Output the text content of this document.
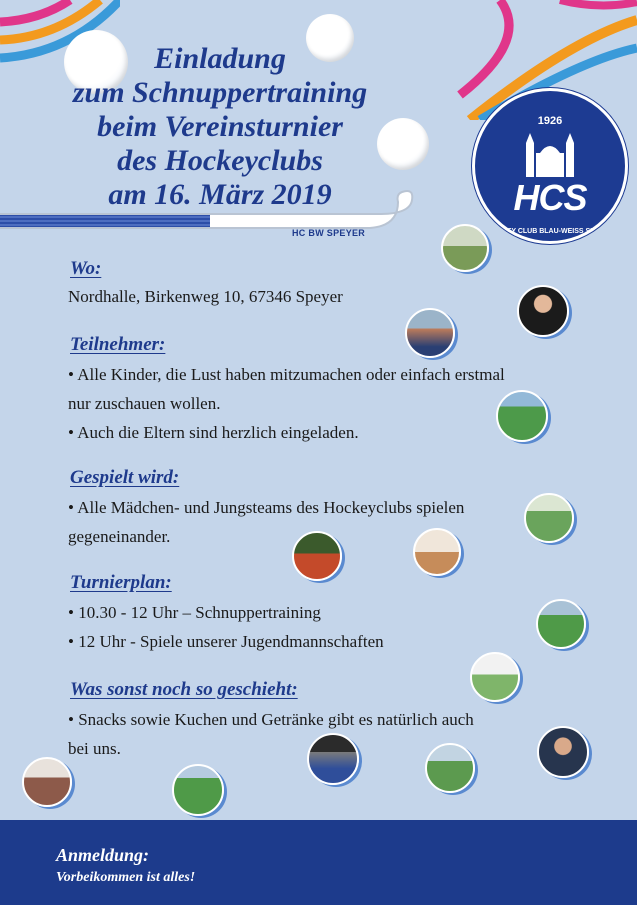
Einladung
zum Schnuppertraining
beim Vereinsturnier
des Hockeyclubs
am 16. März 2019
HC BW SPEYER
1926
HCS
HOCKEY CLUB BLAU-WEISS SPEYER
Wo:

Nordhalle, Birkenweg 10, 67346 Speyer

Teilnehmer:

• Alle Kinder, die Lust haben mitzumachen oder einfach erstmal nur zuschauen wollen.

• Auch die Eltern sind herzlich eingeladen.

Gespielt wird:

• Alle Mädchen- und Jungsteams des Hockeyclubs spielen gegeneinander.

Turnierplan:

• 10.30 - 12 Uhr – Schnuppertraining

• 12 Uhr - Spiele unserer Jugendmannschaften

Was sonst noch so geschieht:

• Snacks sowie Kuchen und Getränke gibt es natürlich auch bei uns.

Anmeldung:

Vorbeikommen ist alles!
